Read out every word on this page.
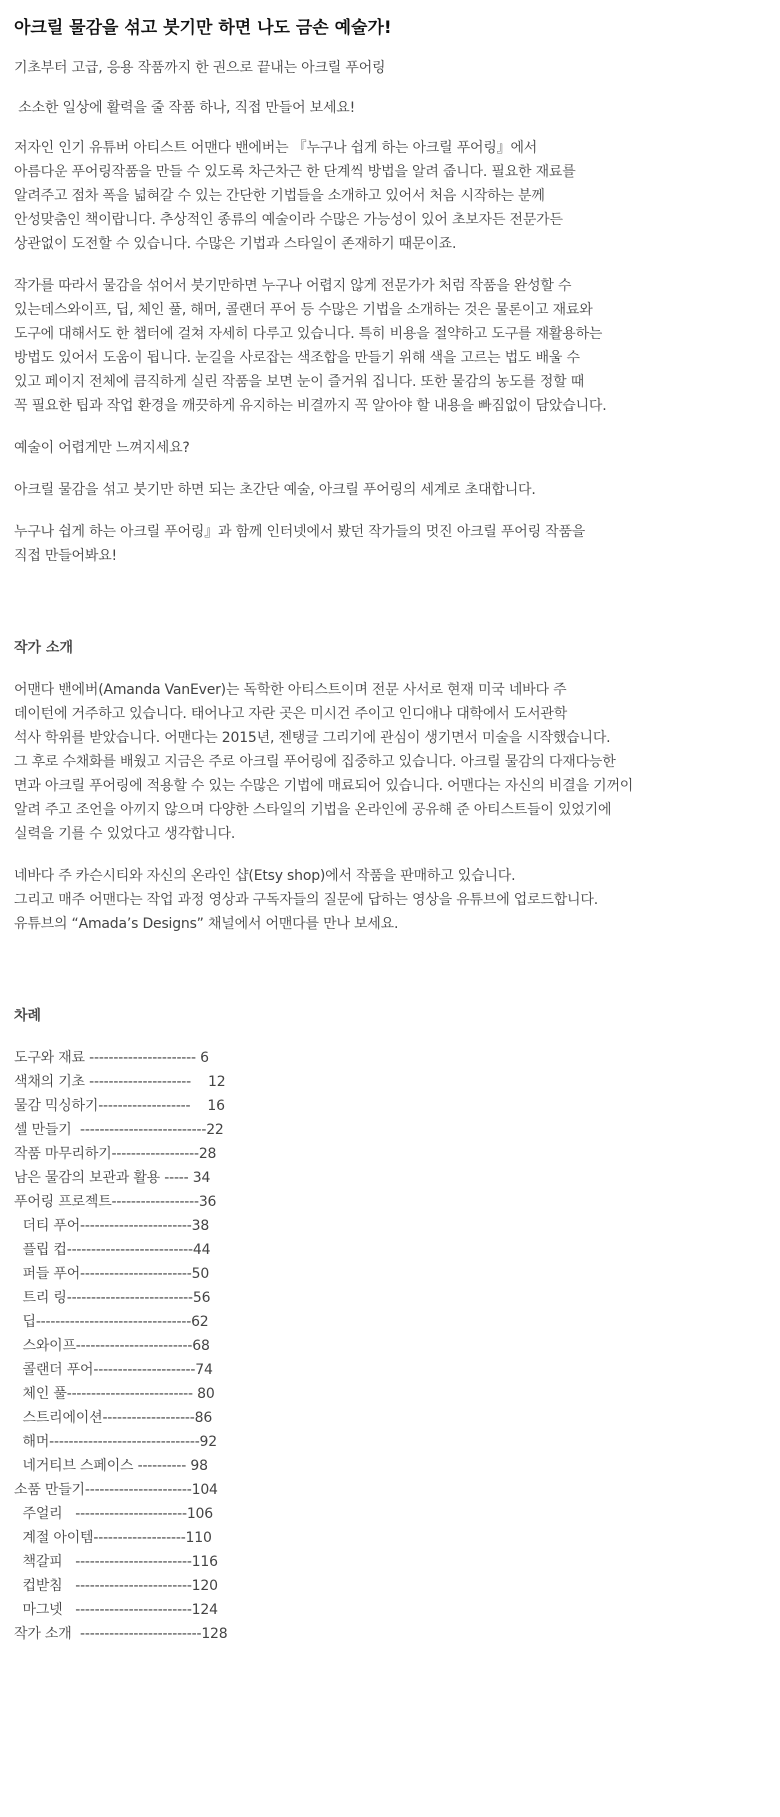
아크릴 물감을 섞고 붓기만 하면 나도 금손 예술가!

기초부터 고급, 응용 작품까지 한 권으로 끝내는 아크릴 푸어링

소소한 일상에 활력을 줄 작품 하나, 직접 만들어 보세요!

저자인 인기 유튜버 아티스트 어맨다 밴에버는 『누구나 쉽게 하는 아크릴 푸어링』에서
아름다운 푸어링작품을 만들 수 있도록 차근차근 한 단계씩 방법을 알려 줍니다. 필요한 재료를
알려주고 점차 폭을 넓혀갈 수 있는 간단한 기법들을 소개하고 있어서 처음 시작하는 분께
안성맞춤인 책이랍니다. 추상적인 종류의 예술이라 수많은 가능성이 있어 초보자든 전문가든
상관없이 도전할 수 있습니다. 수많은 기법과 스타일이 존재하기 때문이죠.

작가를 따라서 물감을 섞어서 붓기만하면 누구나 어렵지 않게 전문가가 처럼 작품을 완성할 수
있는데스와이프, 딥, 체인 풀, 해머, 콜랜더 푸어 등 수많은 기법을 소개하는 것은 물론이고 재료와
도구에 대해서도 한 챕터에 걸쳐 자세히 다루고 있습니다. 특히 비용을 절약하고 도구를 재활용하는
방법도 있어서 도움이 됩니다. 눈길을 사로잡는 색조합을 만들기 위해 색을 고르는 법도 배울 수
있고 페이지 전체에 큼직하게 실린 작품을 보면 눈이 즐거워 집니다. 또한 물감의 농도를 정할 때
꼭 필요한 팁과 작업 환경을 깨끗하게 유지하는 비결까지 꼭 알아야 할 내용을 빠짐없이 담았습니다.

예술이 어렵게만 느껴지세요?

아크릴 물감을 섞고 붓기만 하면 되는 초간단 예술, 아크릴 푸어링의 세계로 초대합니다.

누구나 쉽게 하는 아크릴 푸어링』과 함께 인터넷에서 봤던 작가들의 멋진 아크릴 푸어링 작품을
직접 만들어봐요!

작가 소개

어맨다 밴에버(Amanda VanEver)는 독학한 아티스트이며 전문 사서로 현재 미국 네바다 주
데이턴에 거주하고 있습니다. 태어나고 자란 곳은 미시건 주이고 인디애나 대학에서 도서관학
석사 학위를 받았습니다. 어맨다는 2015년, 젠탱글 그리기에 관심이 생기면서 미술을 시작했습니다.
그 후로 수채화를 배웠고 지금은 주로 아크릴 푸어링에 집중하고 있습니다. 아크릴 물감의 다재다능한
면과 아크릴 푸어링에 적용할 수 있는 수많은 기법에 매료되어 있습니다. 어맨다는 자신의 비결을 기꺼이
알려 주고 조언을 아끼지 않으며 다양한 스타일의 기법을 온라인에 공유해 준 아티스트들이 있었기에
실력을 기를 수 있었다고 생각합니다.

네바다 주 카슨시티와 자신의 온라인 샵(Etsy shop)에서 작품을 판매하고 있습니다.
그리고 매주 어맨다는 작업 과정 영상과 구독자들의 질문에 답하는 영상을 유튜브에 업로드합니다.
유튜브의 “Amada’s Designs” 채널에서 어맨다를 만나 보세요.

차례
도구와 재료 ---------------------- 6
색채의 기초 ---------------------    12
물감 믹싱하기-------------------    16
셀 만들기  --------------------------22
작품 마무리하기------------------28
남은 물감의 보관과 활용 ----- 34
푸어링 프로젝트------------------36
더티 푸어-----------------------38
플립 컵--------------------------44
퍼들 푸어-----------------------50
트리 링--------------------------56
딥--------------------------------62
스와이프------------------------68
콜랜더 푸어---------------------74
체인 풀-------------------------- 80
스트리에이션-------------------86
해머-------------------------------92
네거티브 스페이스 ---------- 98
소품 만들기----------------------104
주얼리   -----------------------106
계절 아이템-------------------110
책갈피   ------------------------116
컵받침   ------------------------120
마그넷   ------------------------124
작가 소개  -------------------------128
